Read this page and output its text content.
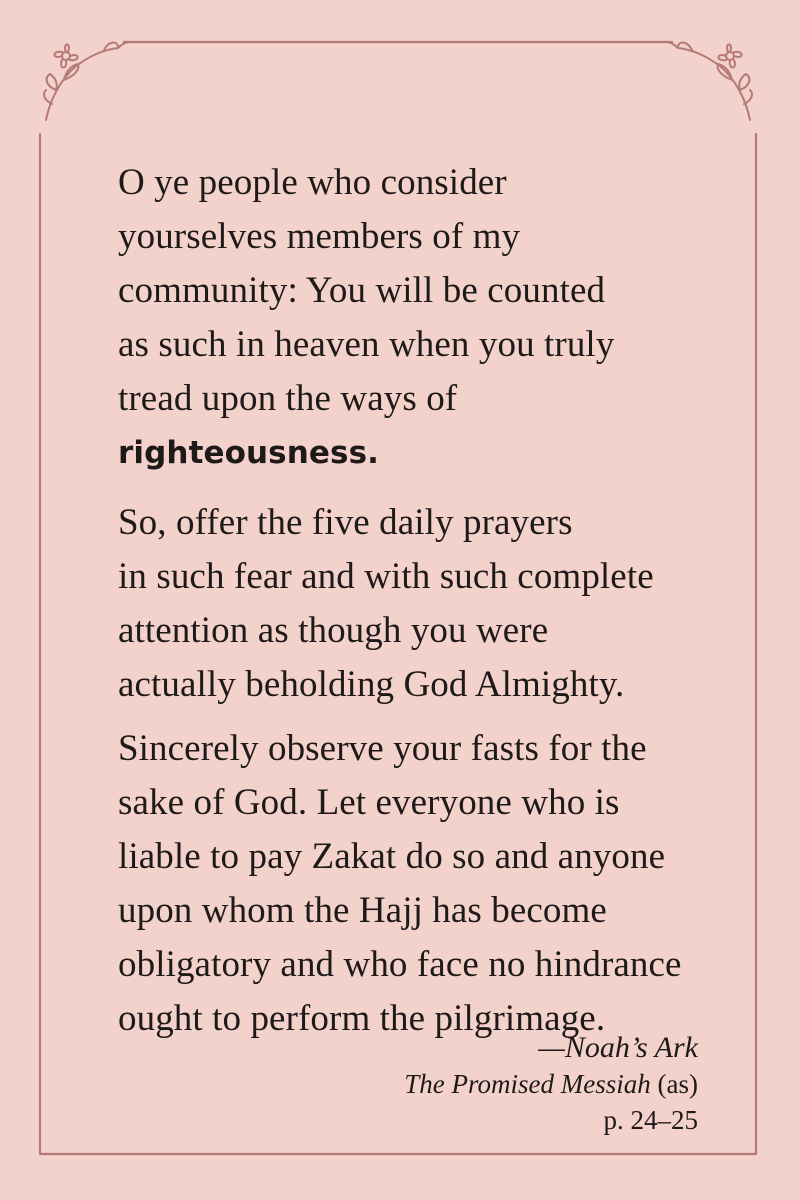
O ye people who consider
yourselves members of my
community: You will be counted
as such in heaven when you truly
tread upon the ways of
righteousness.

So, offer the five daily prayers
in such fear and with such complete
attention as though you were
actually beholding God Almighty.

Sincerely observe your fasts for the
sake of God. Let everyone who is
liable to pay Zakat do so and anyone
upon whom the Hajj has become
obligatory and who face no hindrance
ought to perform the pilgrimage.

—Noah’s Ark
The Promised Messiah (as)
p. 24–25
